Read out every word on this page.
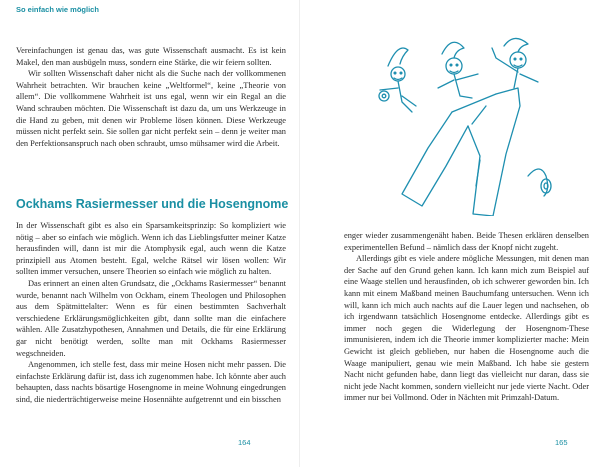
So einfach wie möglich

Vereinfachungen ist genau das, was gute Wissenschaft ausmacht. Es ist kein Makel, den man ausbügeln muss, sondern eine Stärke, die wir feiern sollten.

Wir sollten Wissenschaft daher nicht als die Suche nach der vollkommenen Wahrheit betrachten. Wir brauchen keine „Weltformel“, keine „Theorie von allem“. Die vollkommene Wahrheit ist uns egal, wenn wir ein Regal an die Wand schrauben möchten. Die Wissenschaft ist dazu da, um uns Werkzeuge in die Hand zu geben, mit denen wir Probleme lösen können. Diese Werkzeuge müssen nicht perfekt sein. Sie sollen gar nicht perfekt sein – denn je weiter man den Perfektionsanspruch nach oben schraubt, umso mühsamer wird die Arbeit.

Ockhams Rasiermesser und die Hosengnome

In der Wissenschaft gibt es also ein Sparsamkeitsprinzip: So kompliziert wie nötig – aber so einfach wie möglich. Wenn ich das Lieblingsfutter meiner Katze herausfinden will, dann ist mir die Atomphysik egal, auch wenn die Katze prinzipiell aus Atomen besteht. Egal, welche Rätsel wir lösen wollen: Wir sollten immer versuchen, unsere Theorien so einfach wie möglich zu halten.

Das erinnert an einen alten Grundsatz, die „Ockhams Rasiermesser“ benannt wurde, benannt nach Wilhelm von Ockham, einem Theologen und Philosophen aus dem Spätmittelalter: Wenn es für einen bestimmten Sachverhalt verschiedene Erklärungsmöglichkeiten gibt, dann sollte man die einfachere wählen. Alle Zusatzhypothesen, Annahmen und Details, die für eine Erklärung gar nicht benötigt werden, sollte man mit Ockhams Rasiermesser wegschneiden.

Angenommen, ich stelle fest, dass mir meine Hosen nicht mehr passen. Die einfachste Erklärung dafür ist, dass ich zugenommen habe. Ich könnte aber auch behaupten, dass nachts bösartige Hosengnome in meine Wohnung eingedrungen sind, die niederträchtigerweise meine Hosennähte aufgetrennt und ein bisschen

164

enger wieder zusammengenäht haben. Beide Thesen erklären denselben experimentellen Befund – nämlich dass der Knopf nicht zugeht.

Allerdings gibt es viele andere mögliche Messungen, mit denen man der Sache auf den Grund gehen kann. Ich kann mich zum Beispiel auf eine Waage stellen und herausfinden, ob ich schwerer geworden bin. Ich kann mit einem Maßband meinen Bauchumfang untersuchen. Wenn ich will, kann ich mich auch nachts auf die Lauer legen und nachsehen, ob ich irgendwann tatsächlich Hosengnome entdecke. Allerdings gibt es immer noch gegen die Widerlegung der Hosengnom-These immunisieren, indem ich die Theorie immer komplizierter mache: Mein Gewicht ist gleich geblieben, nur haben die Hosengnome auch die Waage manipuliert, genau wie mein Maßband. Ich habe sie gestern Nacht nicht gefunden habe, dann liegt das vielleicht nur daran, dass sie nicht jede Nacht kommen, sondern vielleicht nur jede vierte Nacht. Oder immer nur bei Vollmond. Oder in Nächten mit Primzahl-Datum.

165
